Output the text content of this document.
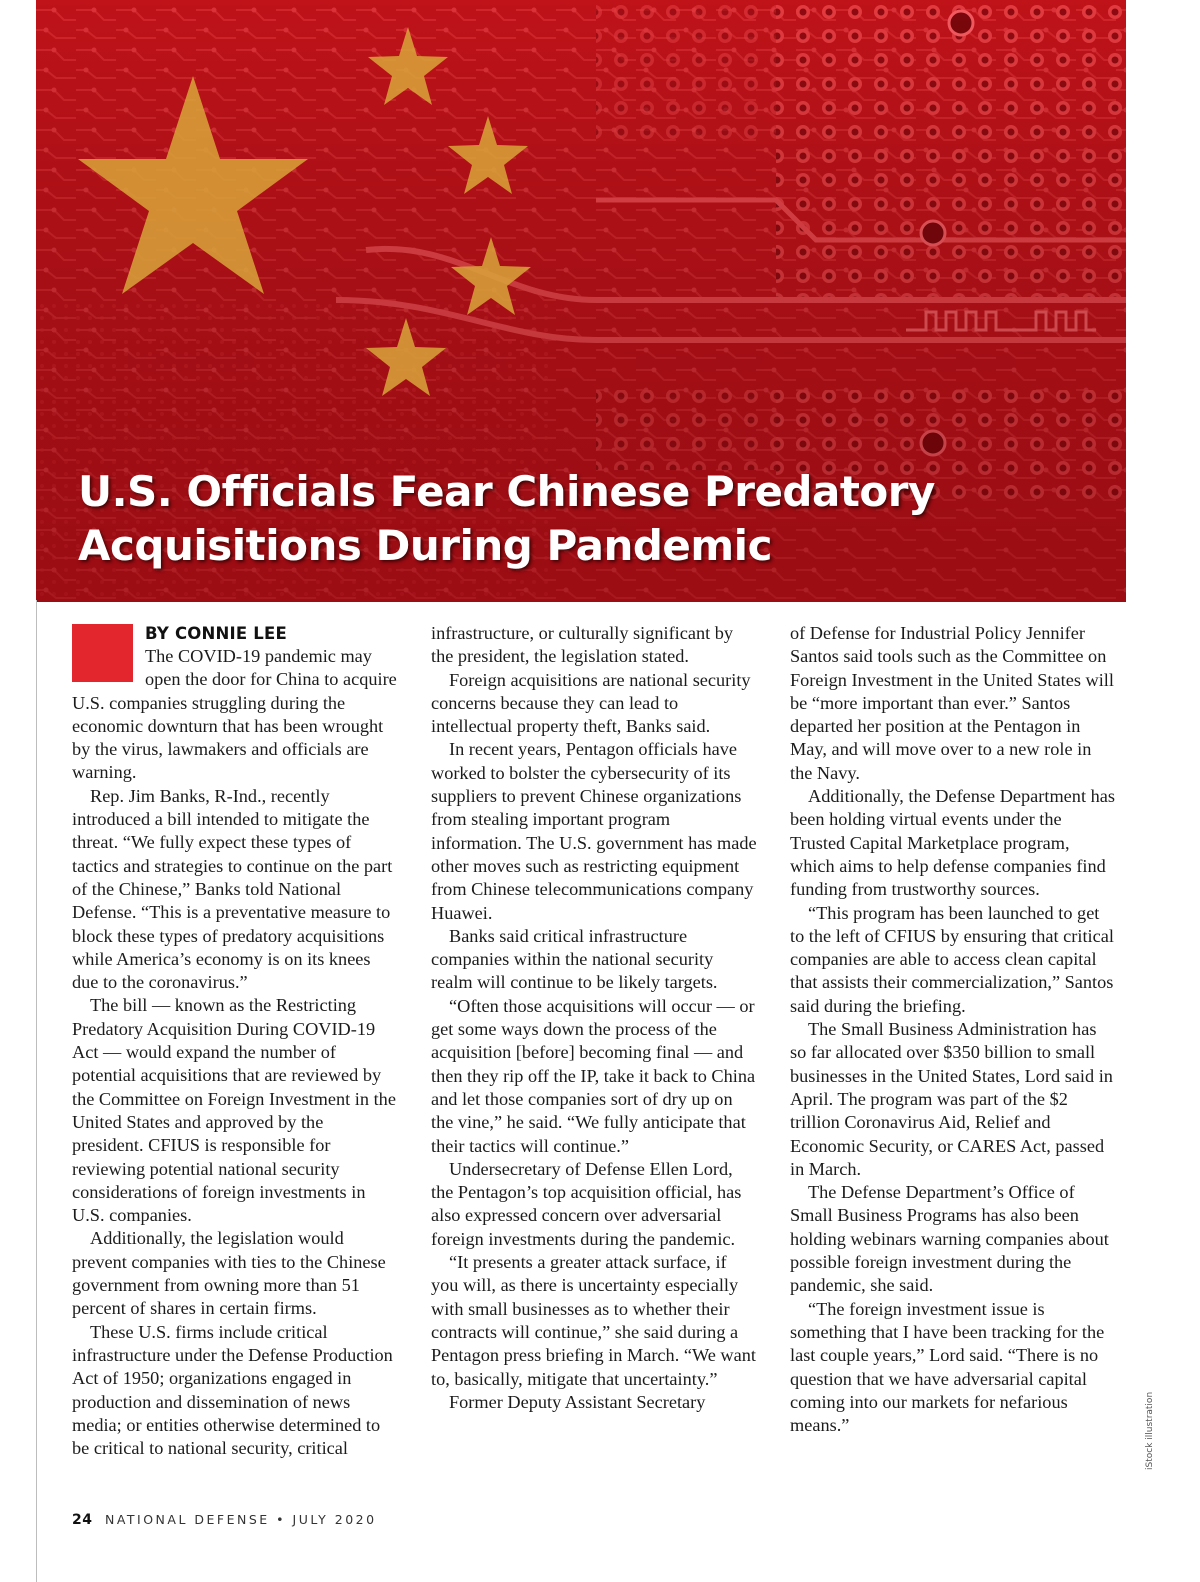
U.S. Officials Fear Chinese Predatory
Acquisitions During Pandemic
BY CONNIE LEE

The COVID-19 pandemic may open the door for China to acquire U.S. companies struggling during the economic downturn that has been wrought by the virus, lawmakers and officials are warning.

Rep. Jim Banks, R-Ind., recently introduced a bill intended to mitigate the threat. “We fully expect these types of tactics and strategies to continue on the part of the Chinese,” Banks told National Defense. “This is a preventative measure to block these types of predatory acquisitions while America’s economy is on its knees due to the coronavirus.”

The bill — known as the Restricting Predatory Acquisition During COVID-19 Act — would expand the number of potential acquisitions that are reviewed by the Committee on Foreign Investment in the United States and approved by the president. CFIUS is responsible for reviewing potential national security considerations of foreign investments in U.S. companies.

Additionally, the legislation would prevent companies with ties to the Chinese government from owning more than 51 percent of shares in certain firms.

These U.S. firms include critical infrastructure under the Defense Production Act of 1950; organizations engaged in production and dissemination of news media; or entities otherwise determined to be critical to national security, critical

infrastructure, or culturally significant by the president, the legislation stated.

Foreign acquisitions are national security concerns because they can lead to intellectual property theft, Banks said.

In recent years, Pentagon officials have worked to bolster the cybersecurity of its suppliers to prevent Chinese organizations from stealing important program information. The U.S. government has made other moves such as restricting equipment from Chinese telecommunications company Huawei.

Banks said critical infrastructure companies within the national security realm will continue to be likely targets.

“Often those acquisitions will occur — or get some ways down the process of the acquisition [before] becoming final — and then they rip off the IP, take it back to China and let those companies sort of dry up on the vine,” he said. “We fully anticipate that their tactics will continue.”

Undersecretary of Defense Ellen Lord, the Pentagon’s top acquisition official, has also expressed concern over adversarial foreign investments during the pandemic.

“It presents a greater attack surface, if you will, as there is uncertainty especially with small businesses as to whether their contracts will continue,” she said during a Pentagon press briefing in March. “We want to, basically, mitigate that uncertainty.”

Former Deputy Assistant Secretary

of Defense for Industrial Policy Jennifer Santos said tools such as the Committee on Foreign Investment in the United States will be “more important than ever.” Santos departed her position at the Pentagon in May, and will move over to a new role in the Navy.

Additionally, the Defense Department has been holding virtual events under the Trusted Capital Marketplace program, which aims to help defense companies find funding from trustworthy sources.

“This program has been launched to get to the left of CFIUS by ensuring that critical companies are able to access clean capital that assists their commercialization,” Santos said during the briefing.

The Small Business Administration has so far allocated over $350 billion to small businesses in the United States, Lord said in April. The program was part of the $2 trillion Coronavirus Aid, Relief and Economic Security, or CARES Act, passed in March.

The Defense Department’s Office of Small Business Programs has also been holding webinars warning companies about possible foreign investment during the pandemic, she said.

“The foreign investment issue is something that I have been tracking for the last couple years,” Lord said. “There is no question that we have adversarial capital coming into our markets for nefarious means.”

24 NATIONAL DEFENSE • JULY 2020
iStock illustration
